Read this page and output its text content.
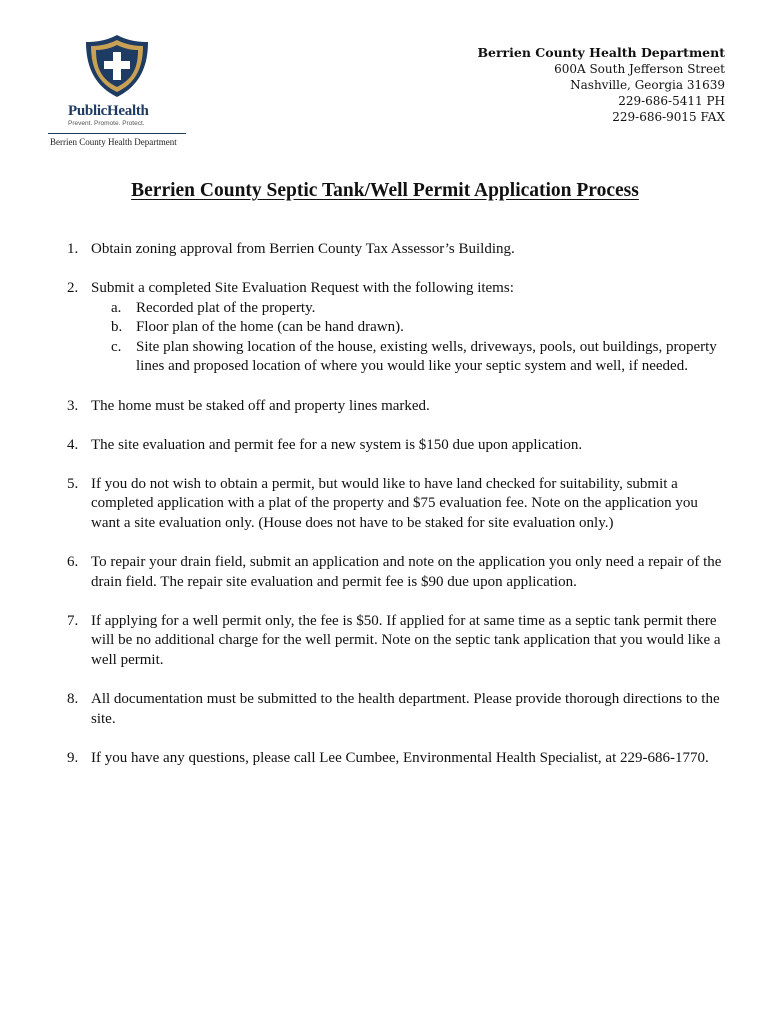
PublicHealth
Prevent. Promote. Protect.
Berrien County Health Department
Berrien County Health Department
600A South Jefferson Street
Nashville, Georgia 31639
229-686-5411 PH
229-686-9015 FAX
Berrien County Septic Tank/Well Permit Application Process
1. Obtain zoning approval from Berrien County Tax Assessor’s Building.
2. Submit a completed Site Evaluation Request with the following items:
a. Recorded plat of the property.
b. Floor plan of the home (can be hand drawn).
c. Site plan showing location of the house, existing wells, driveways, pools, out buildings, property lines and proposed location of where you would like your septic system and well, if needed.
3. The home must be staked off and property lines marked.
4. The site evaluation and permit fee for a new system is $150 due upon application.
5. If you do not wish to obtain a permit, but would like to have land checked for suitability, submit a completed application with a plat of the property and $75 evaluation fee. Note on the application you want a site evaluation only. (House does not have to be staked for site evaluation only.)
6. To repair your drain field, submit an application and note on the application you only need a repair of the drain field. The repair site evaluation and permit fee is $90 due upon application.
7. If applying for a well permit only, the fee is $50. If applied for at same time as a septic tank permit there will be no additional charge for the well permit. Note on the septic tank application that you would like a well permit.
8. All documentation must be submitted to the health department. Please provide thorough directions to the site.
9. If you have any questions, please call Lee Cumbee, Environmental Health Specialist, at 229-686-1770.
